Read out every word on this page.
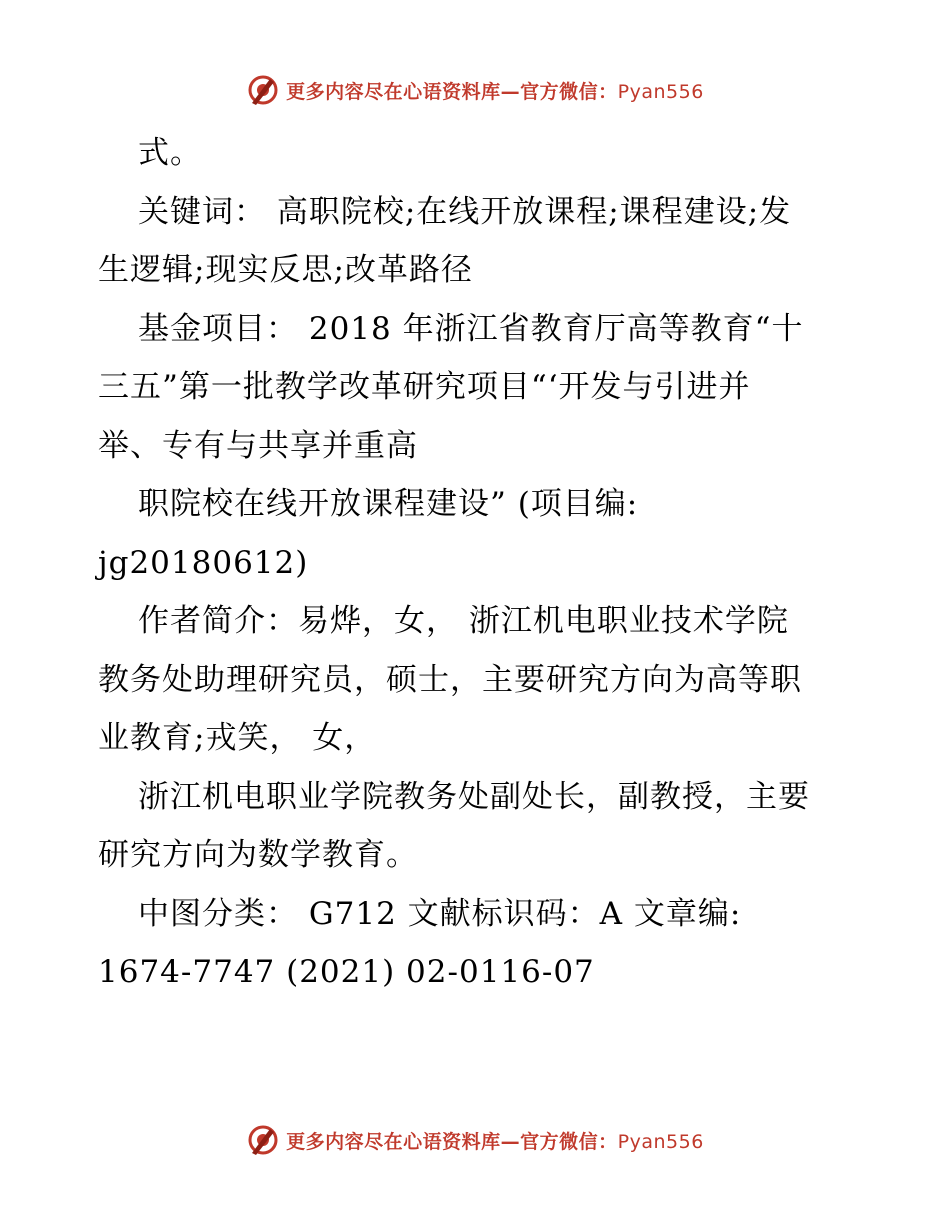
更多内容尽在心语资料库—官方微信：Pyan556
式。
关键词： 高职院校;在线开放课程;课程建设;发
生逻辑;现实反思;改革路径
基金项目： 2018 年浙江省教育厅高等教育“十
三五”第一批教学改革研究项目“‘开发与引进并
举、专有与共享并重高
职院校在线开放课程建设” (项目编:
jg20180612)
作者简介：易烨，女， 浙江机电职业技术学院
教务处助理研究员，硕士，主要研究方向为高等职
业教育;戎笑， 女，
浙江机电职业学院教务处副处长，副教授，主要
研究方向为数学教育。
中图分类： G712 文献标识码：A 文章编:
1674-7747 (2021) 02-0116-07
更多内容尽在心语资料库—官方微信：Pyan556
